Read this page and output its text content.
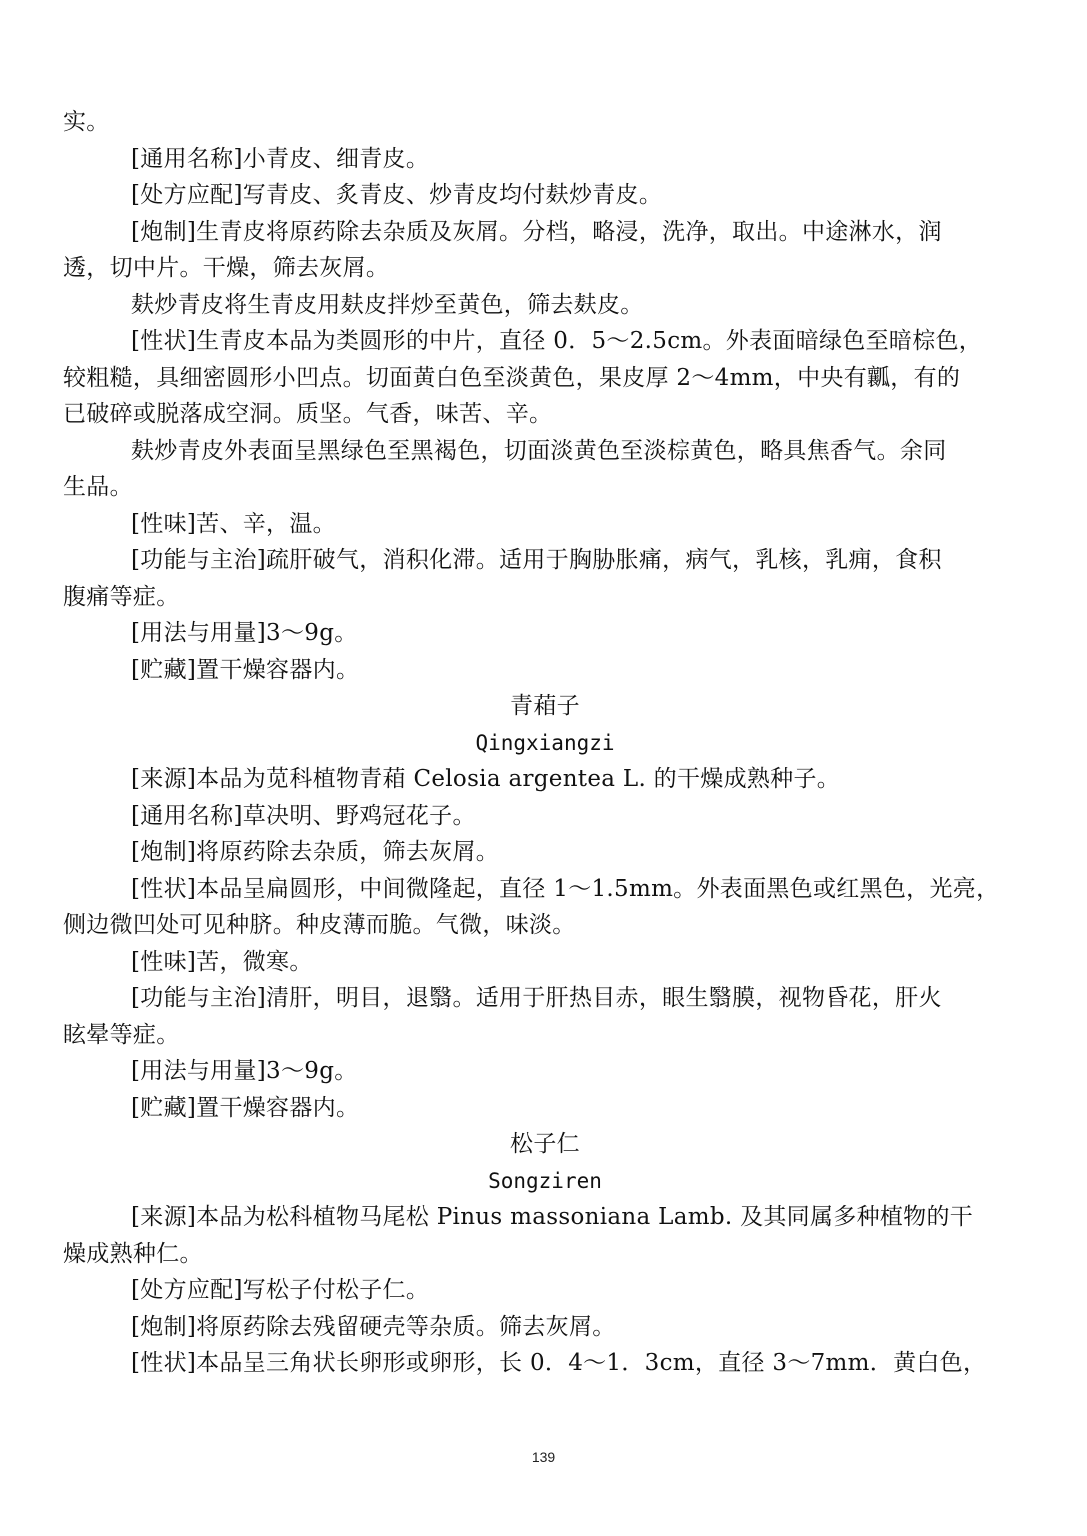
实。
[通用名称]小青皮、细青皮。
[处方应配]写青皮、炙青皮、炒青皮均付麸炒青皮。
[炮制]生青皮将原药除去杂质及灰屑。分档，略浸，洗净，取出。中途淋水，润
透，切中片。干燥，筛去灰屑。
麸炒青皮将生青皮用麸皮拌炒至黄色，筛去麸皮。
[性状]生青皮本品为类圆形的中片，直径 0．5～2.5cm。外表面暗绿色至暗棕色，
较粗糙，具细密圆形小凹点。切面黄白色至淡黄色，果皮厚 2～4mm，中央有瓤，有的
已破碎或脱落成空洞。质坚。气香，味苦、辛。
麸炒青皮外表面呈黑绿色至黑褐色，切面淡黄色至淡棕黄色，略具焦香气。余同
生品。
[性味]苦、辛，温。
[功能与主治]疏肝破气，消积化滞。适用于胸胁胀痛，病气，乳核，乳痈，食积
腹痛等症。
[用法与用量]3～9g。
[贮藏]置干燥容器内。
青葙子
Qingxiangzi
[来源]本品为苋科植物青葙 Celosia argentea L. 的干燥成熟种子。
[通用名称]草决明、野鸡冠花子。
[炮制]将原药除去杂质，筛去灰屑。
[性状]本品呈扁圆形，中间微隆起，直径 1～1.5mm。外表面黑色或红黑色，光亮，
侧边微凹处可见种脐。种皮薄而脆。气微，味淡。
[性味]苦，微寒。
[功能与主治]清肝，明目，退翳。适用于肝热目赤，眼生翳膜，视物昏花，肝火
眩晕等症。
[用法与用量]3～9g。
[贮藏]置干燥容器内。
松子仁
Songziren
[来源]本品为松科植物马尾松 Pinus massoniana Lamb. 及其同属多种植物的干
燥成熟种仁。
[处方应配]写松子付松子仁。
[炮制]将原药除去残留硬壳等杂质。筛去灰屑。
[性状]本品呈三角状长卵形或卵形，长 0．4～1．3cm，直径 3～7mm．黄白色，
139
